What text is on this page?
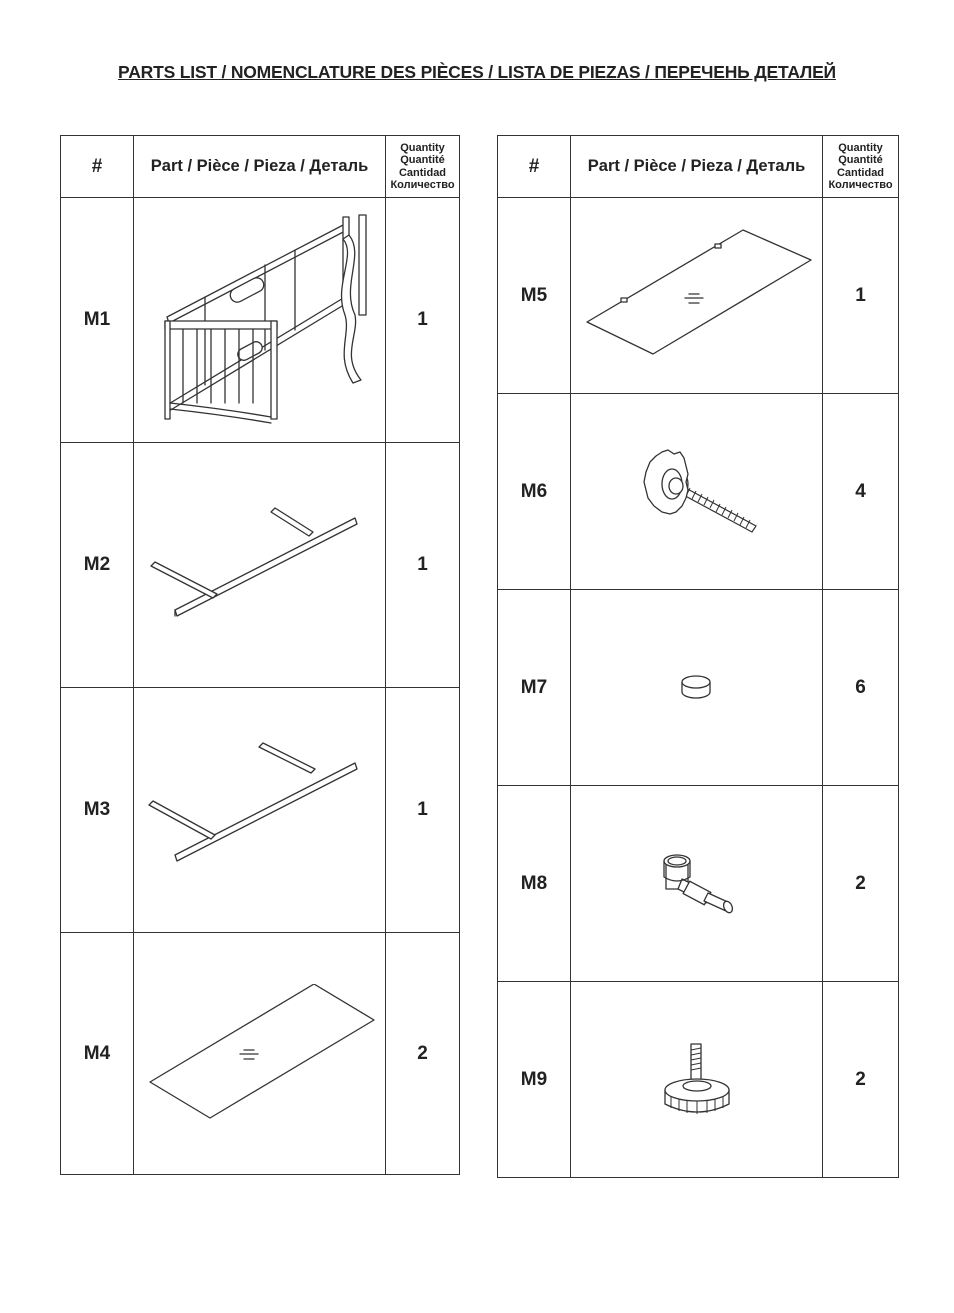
PARTS LIST / NOMENCLATURE DES PIÈCES / LISTA DE PIEZAS / ПЕРЕЧЕНЬ ДЕТАЛЕЙ
#	Part / Pièce / Pieza / Деталь	Quantity
Quantité
Cantidad
Количество

M1		1
M2		1
M3		1
M4		2
#	Part / Pièce / Pieza / Деталь	Quantity
Quantité
Cantidad
Количество

M5		1
M6		4
M7		6
M8		2
M9		2
